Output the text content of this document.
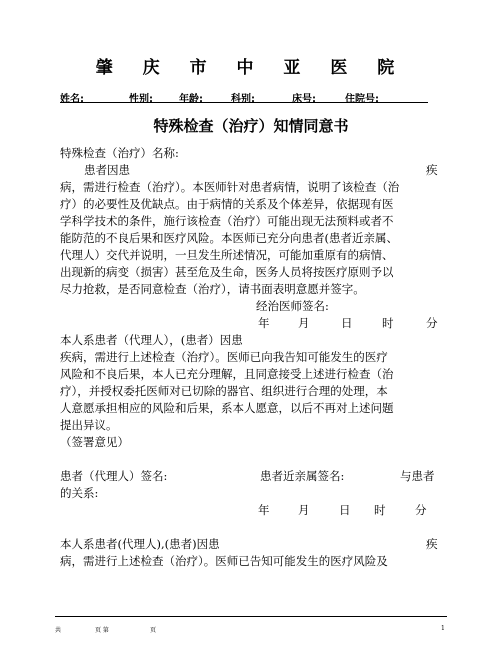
肇 庆 市 中 亚 医 院
姓名:	性别:	年龄:	科别:	床号:	住院号:

特殊检查（治疗）知情同意书
特殊检查（治疗）名称:
患者因患	疾
病，需进行检查（治疗）。本医师针对患者病情，说明了该检查（治
疗）的必要性及优缺点。由于病情的关系及个体差异，依据现有医
学科学技术的条件，施行该检查（治疗）可能出现无法预料或者不
能防范的不良后果和医疗风险。本医师已充分向患者(患者近亲属、
代理人）交代并说明，一旦发生所述情况，可能加重原有的病情、
出现新的病变（损害）甚至危及生命，医务人员将按医疗原则予以
尽力抢救，是否同意检查（治疗），请书面表明意愿并签字。
经治医师签名:
年 月	日	时	分
本人系患者（代理人），(患者）因患
疾病，需进行上述检查（治疗）。医师已向我告知可能发生的医疗
风险和不良后果，本人已充分理解，且同意接受上述进行检查（治
疗），并授权委托医师对已切除的器官、组织进行合理的处理，本
人意愿承担相应的风险和后果，系本人愿意，以后不再对上述问题
提出异议。
（签署意见）
患者（代理人）签名:	患者近亲属签名:	与患者
的关系:
年 月	日 时	分
本人系患者(代理人),(患者)因患	疾
病，需进行上述检查（治疗）。医师已告知可能发生的医疗风险及
共	页 第	页	1
